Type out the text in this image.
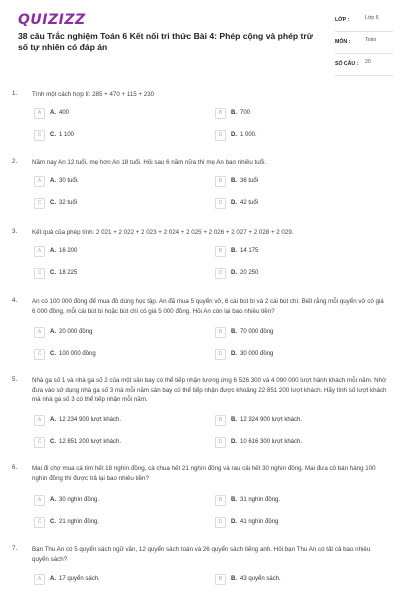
QUIZIZZ
38 câu Trắc nghiệm Toán 6 Kết nối tri thức Bài 4: Phép cộng và phép trừ số tự nhiên có đáp án
LỚP :	Lớp 6
MÔN :	Toán
SỐ CÂU : 20
1. Tính một cách hợp lí: 285 + 470 + 115 + 230
A	A. 400	B	B. 700
C	C. 1 100	D	D. 1 000.
2. Năm nay An 12 tuổi, mẹ hơn An 18 tuổi. Hỏi sau 6 năm nữa thì mẹ An bao nhiêu tuổi.
A	A. 30 tuổi.	B	B. 36 tuổi
C	C. 32 tuổi	D	D. 42 tuổi
3. Kết quả của phép tính: 2 021 + 2 022 + 2 023 + 2 024 + 2 025 + 2 026 + 2 027 + 2 028 + 2 029.
A	A. 16 200	B	B. 14 175
C	C. 18 225	D	D. 20 250
4. An có 100 000 đồng để mua đồ dùng học tập. An đã mua 5 quyển vở, 6 cái bút bi và 2 cái bút chì. Biết rằng mỗi quyển vở có giá 6 000 đồng, mỗi cái bút bi hoặc bút chì có giá 5 000 đồng. Hỏi An còn lại bao nhiêu tiền?
A	A. 20 000 đồng	B	B. 70 000 đồng
C	C. 100 000 đồng	D	D. 30 000 đồng
5. Nhà ga số 1 và nhà ga số 2 của một sân bay có thể tiếp nhận tương ứng 6 526 300 và 4 090 000 lượt hành khách mỗi năm. Nhờ đưa vào sử dụng nhà ga số 3 mà mỗi năm sân bay có thể tiếp nhận được khoảng 22 851 200 lượt khách. Hãy tính số lượt khách mà nhà ga số 3 có thể tiếp nhận mỗi năm.
A	A. 12 234 900 lượt khách.	B	B. 12 324 900 lượt khách.
C	C. 12 851 200 lượt khách.	D	D. 10 616 300 lượt khách.
6. Mai đi chợ mua cá tím hết 18 nghìn đồng, cà chua hết 21 nghìn đồng và rau cải hết 30 nghìn đồng. Mai đưa cô bán hàng 100 nghìn đồng thì được trả lại bao nhiêu tiền?
A	A. 30 nghìn đồng.	B	B. 31 nghìn đồng.
C	C. 21 nghìn đồng.	D	D. 41 nghìn đồng
7. Bạn Thu An có 5 quyển sách ngữ văn, 12 quyển sách toán và 26 quyển sách tiếng anh. Hỏi bạn Thu An có tất cả bao nhiêu quyển sách?
A	A. 17 quyển sách.	B	B. 43 quyển sách.
